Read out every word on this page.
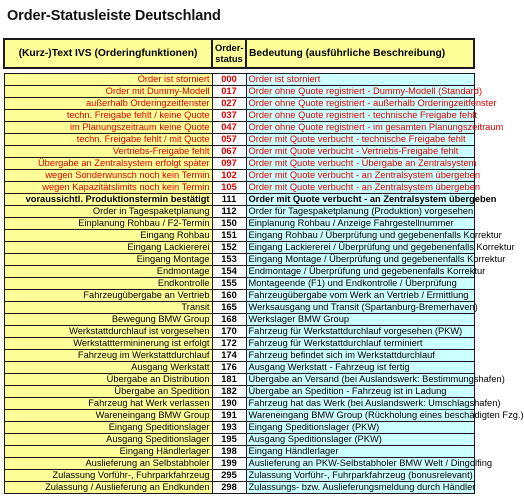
Order-Statusleiste Deutschland
(Kurz-)Text IVS (Orderingfunktionen)	Order-
status	Bedeutung (ausführliche Beschreibung)

Order ist storniert	000	Order ist storniert
Order mit Dummy-Modell	017	Order ohne Quote registriert - Dummy-Modell (Standard)
außerhalb Orderingzeitfenster	027	Order ohne Quote registriert - außerhalb Orderingzeitfenster
techn. Freigabe fehlt / keine Quote	037	Order ohne Quote registriert - technische Freigabe fehlt
im Planungszeitraum keine Quote	047	Order ohne Quote registriert - im gesamten Planungszeitraum
techn. Freigabe fehlt / mit Quote	057	Order mit Quote verbucht - technische Freigabe fehlt
Vertriebs-Freigabe fehlt	067	Order mit Quote verbucht - Vertriebs-Freigabe fehlt
Übergabe an Zentralsystem erfolgt später	097	Order mit Quote verbucht - Übergabe an Zentralsystem
wegen Sonderwunsch noch kein Termin	102	Order mit Quote verbucht - an Zentralsystem übergeben
wegen Kapazitätslimits noch kein Termin	105	Order mit Quote verbucht - an Zentralsystem übergeben
voraussichtl. Produktionstermin bestätigt	111	Order mit Quote verbucht - an Zentralsystem übergeben
Order in Tagespaketplanung	112	Order für Tagespaketplanung (Produktion) vorgesehen
Einplanung Rohbau / F2-Termin	150	Einplanung Rohbau / Anzeige Fahrgestellnummer
Eingang Rohbau	151	Eingang Rohbau / Überprüfung und gegebenenfalls Korrektur
Eingang Lackiererei	152	Eingang Lackiererei / Überprüfung und gegebenenfalls Korrektur
Eingang Montage	153	Eingang Montage / Überprüfung und gegebenenfalls Korrektur
Endmontage	154	Endmontage / Überprüfung und gegebenenfalls Korrektur
Endkontrolle	155	Montageende (F1) und Endkontrolle / Überprüfung
Fahrzeugübergabe an Vertrieb	160	Fahrzeugübergabe vom Werk an Vertrieb / Ermittlung
Transit	165	Werksausgang und Transit (Spartanburg-Bremerhaven)
Bewegung BMW Group	168	Werkslager BMW Group
Werkstattdurchlauf ist vorgesehen	170	Fahrzeug für Werkstattdurchlauf vorgesehen (PKW)
Werkstatttermininerung ist erfolgt	172	Fahrzeug für Werkstattdurchlauf terminiert
Fahrzeug im Werkstattdurchlauf	174	Fahrzeug befindet sich im Werkstattdurchlauf
Ausgang Werkstatt	176	Ausgang Werkstatt - Fahrzeug ist fertig
Übergabe an Distribution	181	Übergabe an Versand (bei Auslandswerk: Bestimmungshafen)
Übergabe an Spedition	182	Übergabe an Spedition - Fahrzeug ist in Ladung
Fahrzeug hat Werk verlassen	190	Fahrzeug hat das Werk (bei Auslandswerk: Umschlagshafen)
Wareneingang BMW Group	191	Wareneingang BMW Group (Rückholung eines beschädigten Fzg.)
Eingang Speditionslager	193	Eingang Speditionslager (PKW)
Ausgang Speditionslager	195	Ausgang Speditionslager (PKW)
Eingang Händlerlager	198	Eingang Händlerlager
Auslieferung an Selbstabholer	199	Auslieferung an PKW-Selbstabholer BMW Welt / Dingolfing
Zulassung Vorführ-, Fuhrparkfahrzeug	295	Zulassung Vorführ-, Fuhrparkfahrzeug (bonusrelevant)
Zulassung / Auslieferung an Endkunden	298	Zulassungs- bzw. Auslieferungsmeldung durch Händler
